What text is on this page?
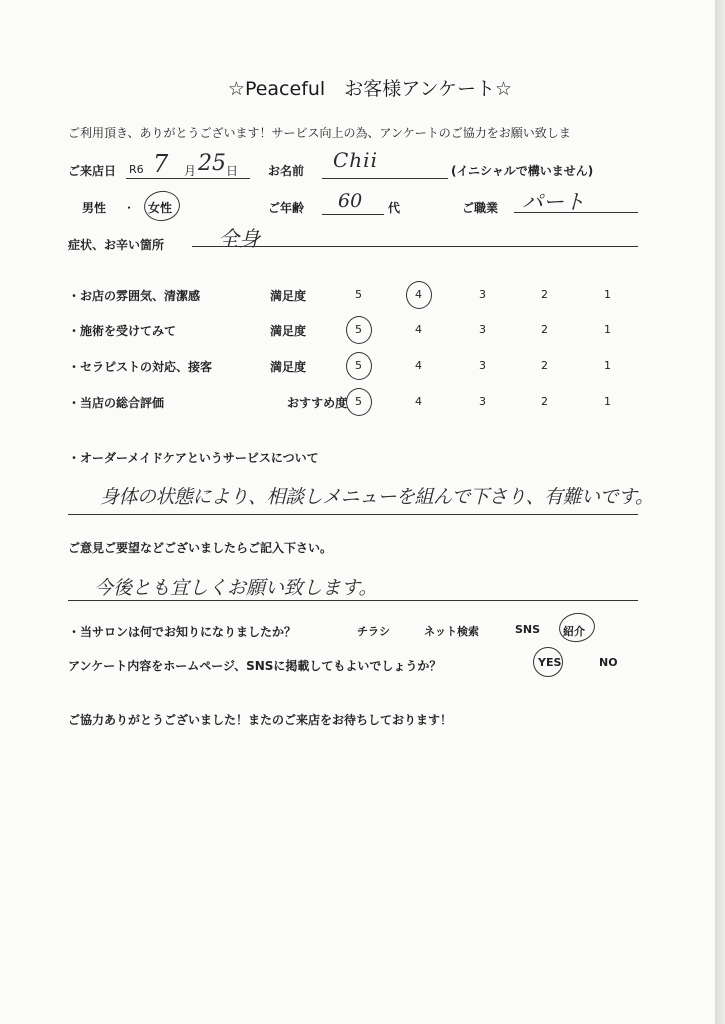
☆Peaceful　お客様アンケート☆
ご利用頂き、ありがとうございます！サービス向上の為、アンケートのご協力をお願い致しま
ご来店日 R6 7 月 25 日 お名前 Chii	(イニシャルで構いません)
男性 ・ 女性	ご年齢 60 代	ご職業 パート
症状、お辛い箇所	全身
・お店の雰囲気、清潔感	満足度	5	4	3	2	1
・施術を受けてみて	満足度	5	4	3	2	1
・セラピストの対応、接客	満足度	5	4	3	2	1
・当店の総合評価	おすすめ度 5	4	3	2	1
・オーダーメイドケアというサービスについて
身体の状態により、相談しメニューを組んで下さり、有難いです。
ご意見ご要望などございましたらご記入下さい。
今後とも宜しくお願い致します。
・当サロンは何でお知りになりましたか？	チラシ	ネット検索	SNS 紹介
アンケート内容をホームページ、SNSに掲載してもよいでしょうか？	YES	NO
ご協力ありがとうございました！またのご来店をお待ちしております！
